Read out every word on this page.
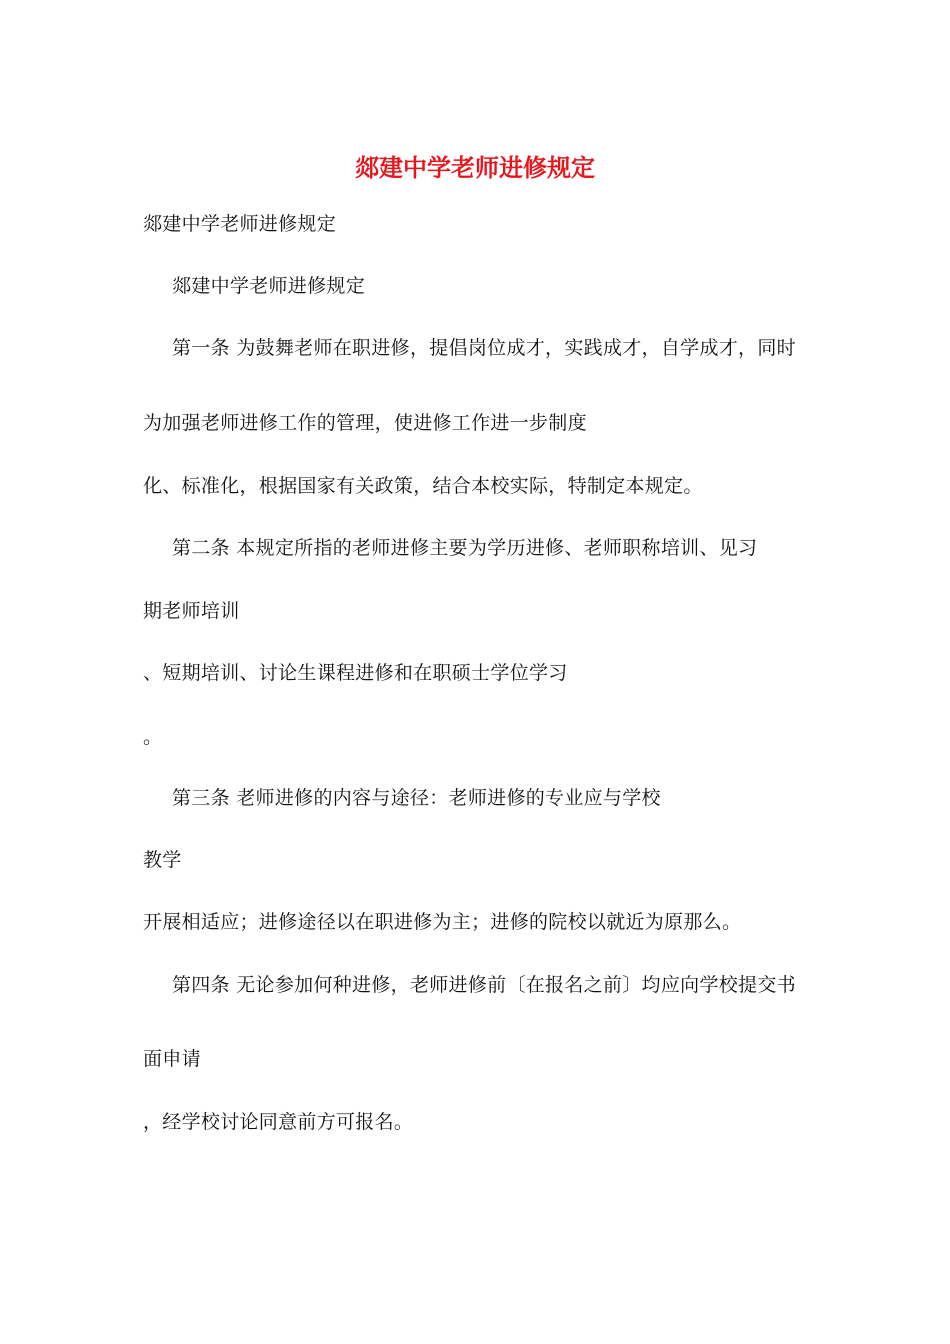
郯建中学老师进修规定
郯建中学老师进修规定
郯建中学老师进修规定
第一条 为鼓舞老师在职进修，提倡岗位成才，实践成才，自学成才，同时
为加强老师进修工作的管理，使进修工作进一步制度
化、标准化，根据国家有关政策，结合本校实际，特制定本规定。
第二条 本规定所指的老师进修主要为学历进修、老师职称培训、见习
期老师培训
、短期培训、讨论生课程进修和在职硕士学位学习
。
第三条 老师进修的内容与途径：老师进修的专业应与学校
教学
开展相适应；进修途径以在职进修为主；进修的院校以就近为原那么。
第四条 无论参加何种进修，老师进修前〔在报名之前〕均应向学校提交书
面申请
，经学校讨论同意前方可报名。
